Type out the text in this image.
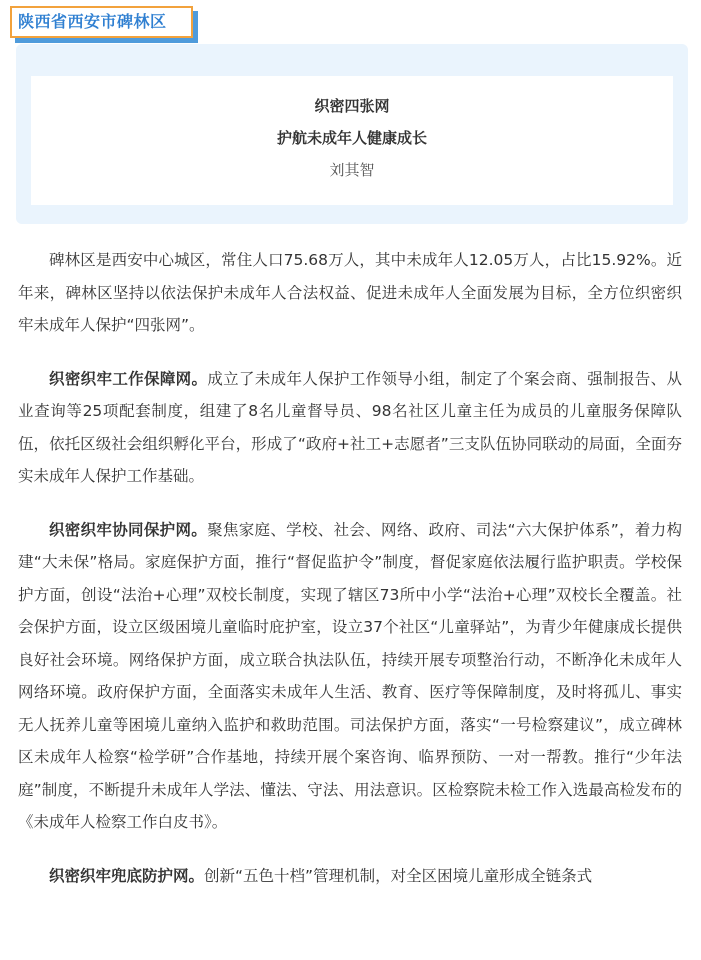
陕西省西安市碑林区
织密四张网
护航未成年人健康成长
刘其智

碑林区是西安中心城区，常住人口75.68万人，其中未成年人12.05万人，占比15.92%。近年来，碑林区坚持以依法保护未成年人合法权益、促进未成年人全面发展为目标，全方位织密织牢未成年人保护“四张网”。

织密织牢工作保障网。成立了未成年人保护工作领导小组，制定了个案会商、强制报告、从业查询等25项配套制度，组建了8名儿童督导员、98名社区儿童主任为成员的儿童服务保障队伍，依托区级社会组织孵化平台，形成了“政府+社工+志愿者”三支队伍协同联动的局面，全面夯实未成年人保护工作基础。

织密织牢协同保护网。聚焦家庭、学校、社会、网络、政府、司法“六大保护体系”，着力构建“大未保”格局。家庭保护方面，推行“督促监护令”制度，督促家庭依法履行监护职责。学校保护方面，创设“法治+心理”双校长制度，实现了辖区73所中小学“法治+心理”双校长全覆盖。社会保护方面，设立区级困境儿童临时庇护室，设立37个社区“儿童驿站”，为青少年健康成长提供良好社会环境。网络保护方面，成立联合执法队伍，持续开展专项整治行动，不断净化未成年人网络环境。政府保护方面，全面落实未成年人生活、教育、医疗等保障制度，及时将孤儿、事实无人抚养儿童等困境儿童纳入监护和救助范围。司法保护方面，落实“一号检察建议”，成立碑林区未成年人检察“检学研”合作基地，持续开展个案咨询、临界预防、一对一帮教。推行“少年法庭”制度，不断提升未成年人学法、懂法、守法、用法意识。区检察院未检工作入选最高检发布的《未成年人检察工作白皮书》。

织密织牢兜底防护网。创新“五色十档”管理机制，对全区困境儿童形成全链条式
